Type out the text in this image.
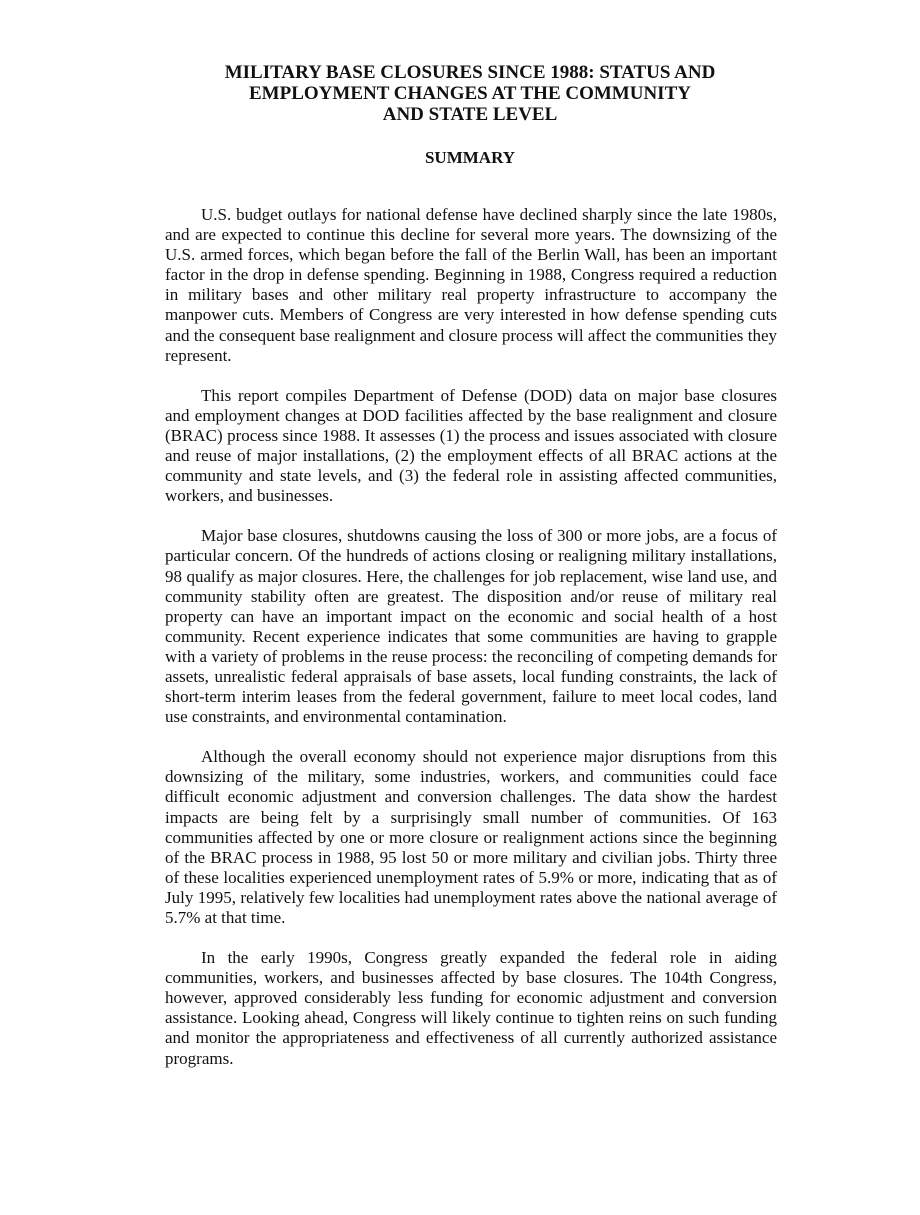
MILITARY BASE CLOSURES SINCE 1988: STATUS AND
EMPLOYMENT CHANGES AT THE COMMUNITY
AND STATE LEVEL
SUMMARY

U.S. budget outlays for national defense have declined sharply since the late 1980s, and are expected to continue this decline for several more years. The downsizing of the U.S. armed forces, which began before the fall of the Berlin Wall, has been an important factor in the drop in defense spending. Beginning in 1988, Congress required a reduction in military bases and other military real property infrastructure to accompany the manpower cuts. Members of Congress are very interested in how defense spending cuts and the consequent base realignment and closure process will affect the communities they represent.

This report compiles Department of Defense (DOD) data on major base closures and employment changes at DOD facilities affected by the base realignment and closure (BRAC) process since 1988. It assesses (1) the process and issues associated with closure and reuse of major installations, (2) the employment effects of all BRAC actions at the community and state levels, and (3) the federal role in assisting affected communities, workers, and businesses.

Major base closures, shutdowns causing the loss of 300 or more jobs, are a focus of particular concern. Of the hundreds of actions closing or realigning military installations, 98 qualify as major closures. Here, the challenges for job replacement, wise land use, and community stability often are greatest. The disposition and/or reuse of military real property can have an important impact on the economic and social health of a host community. Recent experience indicates that some communities are having to grapple with a variety of problems in the reuse process: the reconciling of competing demands for assets, unrealistic federal appraisals of base assets, local funding constraints, the lack of short-term interim leases from the federal government, failure to meet local codes, land use constraints, and environmental contamination.

Although the overall economy should not experience major disruptions from this downsizing of the military, some industries, workers, and communities could face difficult economic adjustment and conversion challenges. The data show the hardest impacts are being felt by a surprisingly small number of communities. Of 163 communities affected by one or more closure or realignment actions since the beginning of the BRAC process in 1988, 95 lost 50 or more military and civilian jobs. Thirty three of these localities experienced unemployment rates of 5.9% or more, indicating that as of July 1995, relatively few localities had unemployment rates above the national average of 5.7% at that time.

In the early 1990s, Congress greatly expanded the federal role in aiding communities, workers, and businesses affected by base closures. The 104th Congress, however, approved considerably less funding for economic adjustment and conversion assistance. Looking ahead, Congress will likely continue to tighten reins on such funding and monitor the appropriateness and effectiveness of all currently authorized assistance programs.
